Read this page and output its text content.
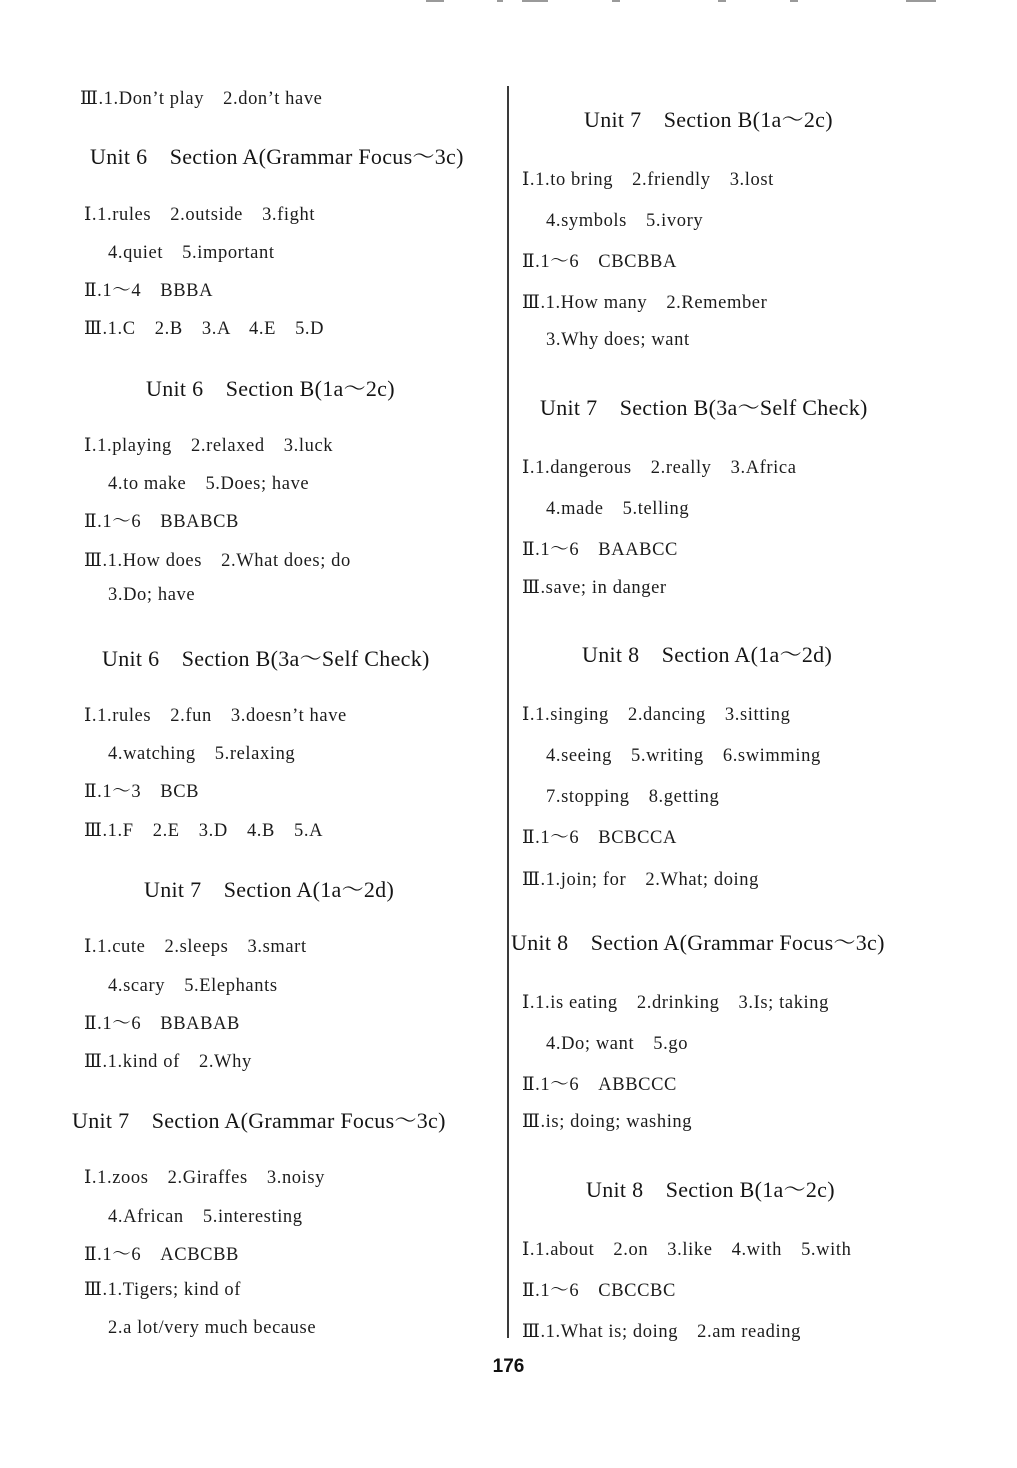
Ⅲ.1.Don’t play　2.don’t have
Unit 6　Section A(Grammar Focus～3c)
Ⅰ.1.rules　2.outside　3.fight
4.quiet　5.important
Ⅱ.1～4　BBBA
Ⅲ.1.C　2.B　3.A　4.E　5.D
Unit 6　Section B(1a～2c)
Ⅰ.1.playing　2.relaxed　3.luck
4.to make　5.Does; have
Ⅱ.1～6　BBABCB
Ⅲ.1.How does　2.What does; do
3.Do; have
Unit 6　Section B(3a～Self Check)
Ⅰ.1.rules　2.fun　3.doesn’t have
4.watching　5.relaxing
Ⅱ.1～3　BCB
Ⅲ.1.F　2.E　3.D　4.B　5.A
Unit 7　Section A(1a～2d)
Ⅰ.1.cute　2.sleeps　3.smart
4.scary　5.Elephants
Ⅱ.1～6　BBABAB
Ⅲ.1.kind of　2.Why
Unit 7　Section A(Grammar Focus～3c)
Ⅰ.1.zoos　2.Giraffes　3.noisy
4.African　5.interesting
Ⅱ.1～6　ACBCBB
Ⅲ.1.Tigers; kind of
2.a lot/very much because
Unit 7　Section B(1a～2c)
Ⅰ.1.to bring　2.friendly　3.lost
4.symbols　5.ivory
Ⅱ.1～6　CBCBBA
Ⅲ.1.How many　2.Remember
3.Why does; want
Unit 7　Section B(3a～Self Check)
Ⅰ.1.dangerous　2.really　3.Africa
4.made　5.telling
Ⅱ.1～6　BAABCC
Ⅲ.save; in danger
Unit 8　Section A(1a～2d)
Ⅰ.1.singing　2.dancing　3.sitting
4.seeing　5.writing　6.swimming
7.stopping　8.getting
Ⅱ.1～6　BCBCCA
Ⅲ.1.join; for　2.What; doing
Unit 8　Section A(Grammar Focus～3c)
Ⅰ.1.is eating　2.drinking　3.Is; taking
4.Do; want　5.go
Ⅱ.1～6　ABBCCC
Ⅲ.is; doing; washing
Unit 8　Section B(1a～2c)
Ⅰ.1.about　2.on　3.like　4.with　5.with
Ⅱ.1～6　CBCCBC
Ⅲ.1.What is; doing　2.am reading
176
